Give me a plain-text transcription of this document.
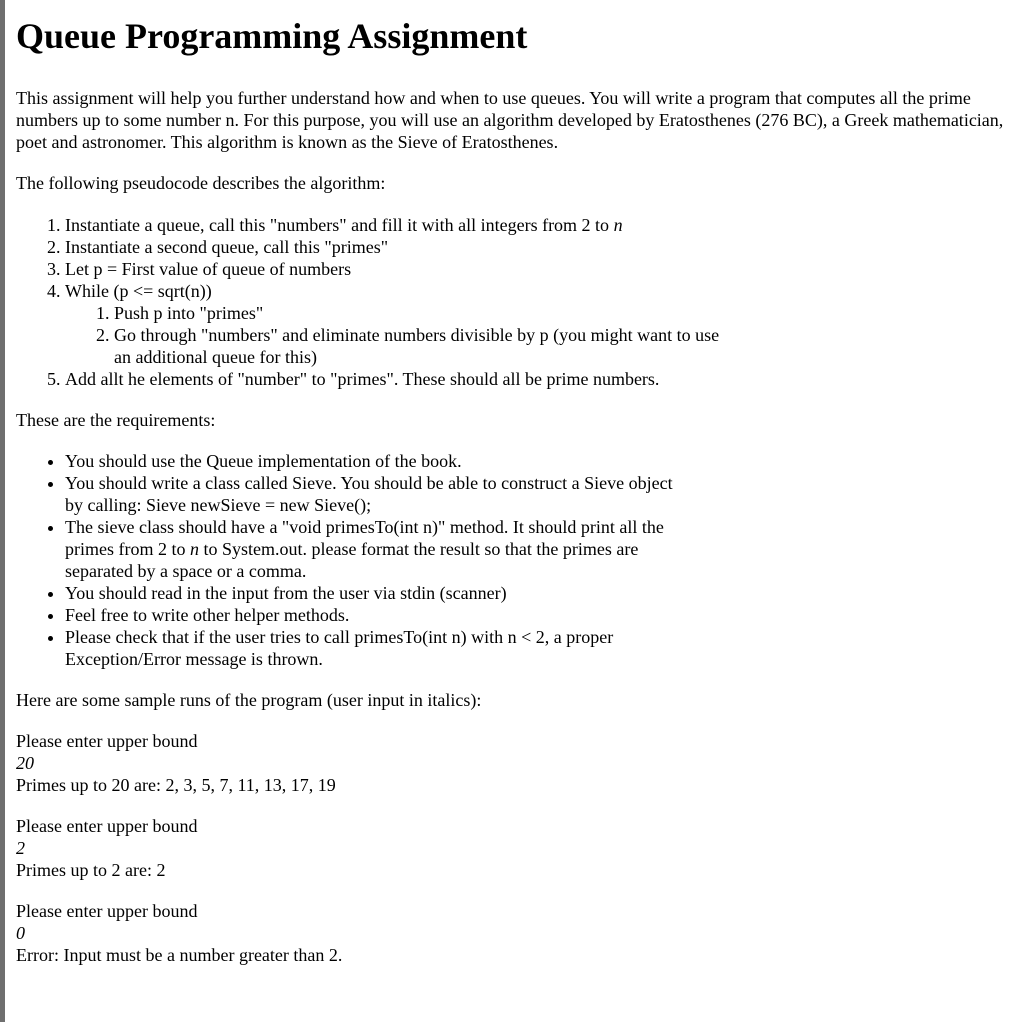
Queue Programming Assignment

This assignment will help you further understand how and when to use queues. You will write a program that computes all the prime numbers up to some number n. For this purpose, you will use an algorithm developed by Eratosthenes (276 BC), a Greek mathematician, poet and astronomer. This algorithm is known as the Sieve of Eratosthenes.

The following pseudocode describes the algorithm:

1. Instantiate a queue, call this "numbers" and fill it with all integers from 2 to n
2. Instantiate a second queue, call this "primes"
3. Let p = First value of queue of numbers
4. While (p <= sqrt(n))
1. Push p into "primes"
2. Go through "numbers" and eliminate numbers divisible by p (you might want to use an additional queue for this)
5. Add allt he elements of "number" to "primes". These should all be prime numbers.

These are the requirements:

• You should use the Queue implementation of the book.
• You should write a class called Sieve. You should be able to construct a Sieve object by calling: Sieve newSieve = new Sieve();
• The sieve class should have a "void primesTo(int n)" method. It should print all the primes from 2 to n to System.out. please format the result so that the primes are separated by a space or a comma.
• You should read in the input from the user via stdin (scanner)
• Feel free to write other helper methods.
• Please check that if the user tries to call primesTo(int n) with n < 2, a proper Exception/Error message is thrown.

Here are some sample runs of the program (user input in italics):

Please enter upper bound
20
Primes up to 20 are: 2, 3, 5, 7, 11, 13, 17, 19
Please enter upper bound
2
Primes up to 2 are: 2
Please enter upper bound
0
Error: Input must be a number greater than 2.
